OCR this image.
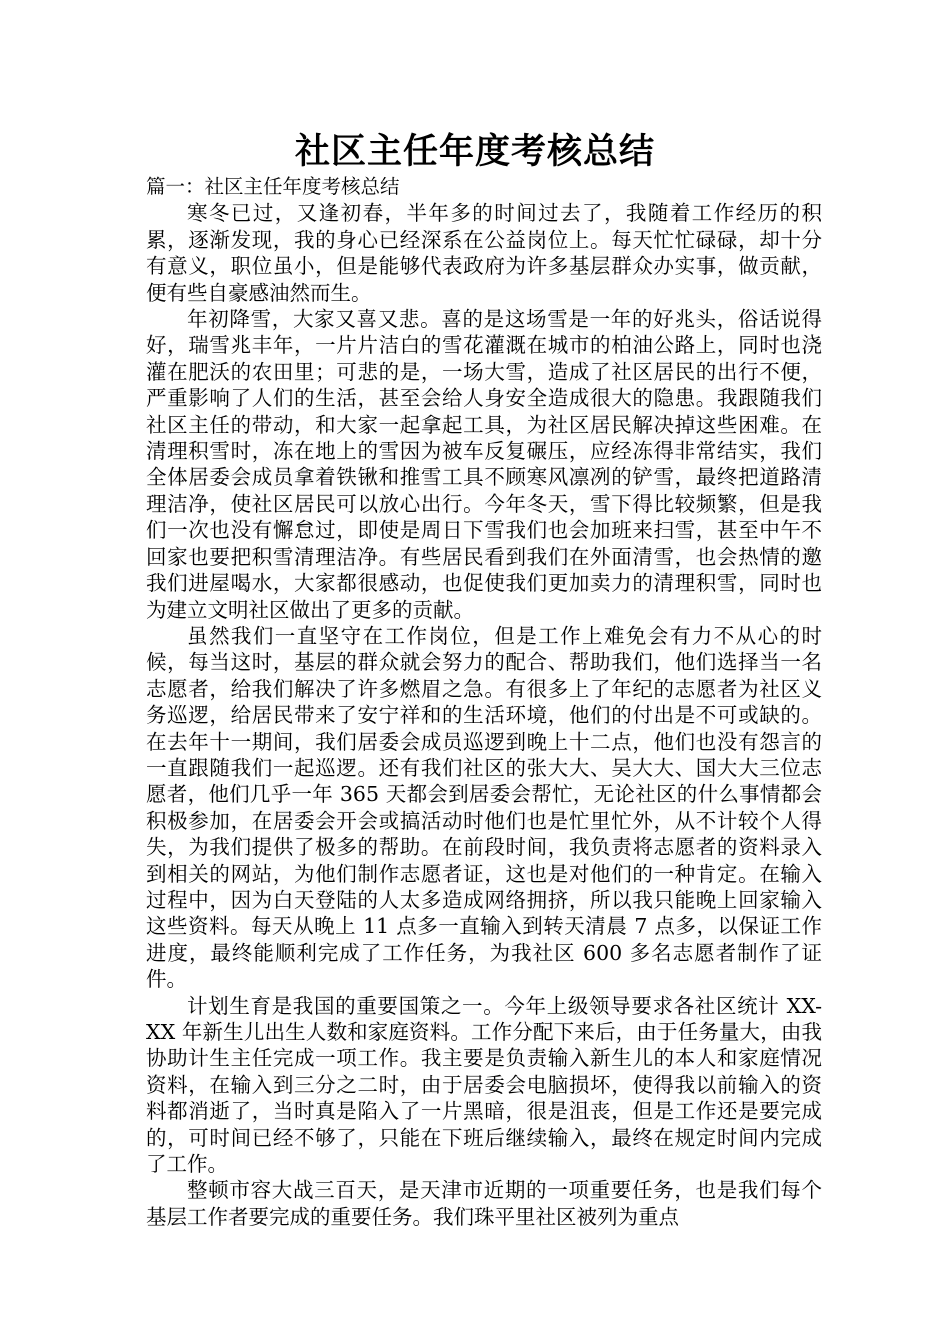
社区主任年度考核总结

篇一：社区主任年度考核总结

寒冬已过，又逢初春，半年多的时间过去了，我随着工作经历的积累，逐渐发现，我的身心已经深系在公益岗位上。每天忙忙碌碌，却十分有意义，职位虽小，但是能够代表政府为许多基层群众办实事，做贡献，便有些自豪感油然而生。

年初降雪，大家又喜又悲。喜的是这场雪是一年的好兆头，俗话说得好，瑞雪兆丰年，一片片洁白的雪花灌溉在城市的柏油公路上，同时也浇灌在肥沃的农田里；可悲的是，一场大雪，造成了社区居民的出行不便，严重影响了人们的生活，甚至会给人身安全造成很大的隐患。我跟随我们社区主任的带动，和大家一起拿起工具，为社区居民解决掉这些困难。在清理积雪时，冻在地上的雪因为被车反复碾压，应经冻得非常结实，我们全体居委会成员拿着铁锹和推雪工具不顾寒风凛冽的铲雪，最终把道路清理洁净，使社区居民可以放心出行。今年冬天，雪下得比较频繁，但是我们一次也没有懈怠过，即使是周日下雪我们也会加班来扫雪，甚至中午不回家也要把积雪清理洁净。有些居民看到我们在外面清雪，也会热情的邀我们进屋喝水，大家都很感动，也促使我们更加卖力的清理积雪，同时也为建立文明社区做出了更多的贡献。

虽然我们一直坚守在工作岗位，但是工作上难免会有力不从心的时候，每当这时，基层的群众就会努力的配合、帮助我们，他们选择当一名志愿者，给我们解决了许多燃眉之急。有很多上了年纪的志愿者为社区义务巡逻，给居民带来了安宁祥和的生活环境，他们的付出是不可或缺的。在去年十一期间，我们居委会成员巡逻到晚上十二点，他们也没有怨言的一直跟随我们一起巡逻。还有我们社区的张大大、吴大大、国大大三位志愿者，他们几乎一年 365 天都会到居委会帮忙，无论社区的什么事情都会积极参加，在居委会开会或搞活动时他们也是忙里忙外，从不计较个人得失，为我们提供了极多的帮助。在前段时间，我负责将志愿者的资料录入到相关的网站，为他们制作志愿者证，这也是对他们的一种肯定。在输入过程中，因为白天登陆的人太多造成网络拥挤，所以我只能晚上回家输入这些资料。每天从晚上 11 点多一直输入到转天清晨 7 点多，以保证工作进度，最终能顺利完成了工作任务，为我社区 600 多名志愿者制作了证件。

计划生育是我国的重要国策之一。今年上级领导要求各社区统计 XX-XX 年新生儿出生人数和家庭资料。工作分配下来后，由于任务量大，由我协助计生主任完成一项工作。我主要是负责输入新生儿的本人和家庭情况资料，在输入到三分之二时，由于居委会电脑损坏，使得我以前输入的资料都消逝了，当时真是陷入了一片黑暗，很是沮丧，但是工作还是要完成的，可时间已经不够了，只能在下班后继续输入，最终在规定时间内完成了工作。

整顿市容大战三百天，是天津市近期的一项重要任务，也是我们每个基层工作者要完成的重要任务。我们珠平里社区被列为重点
